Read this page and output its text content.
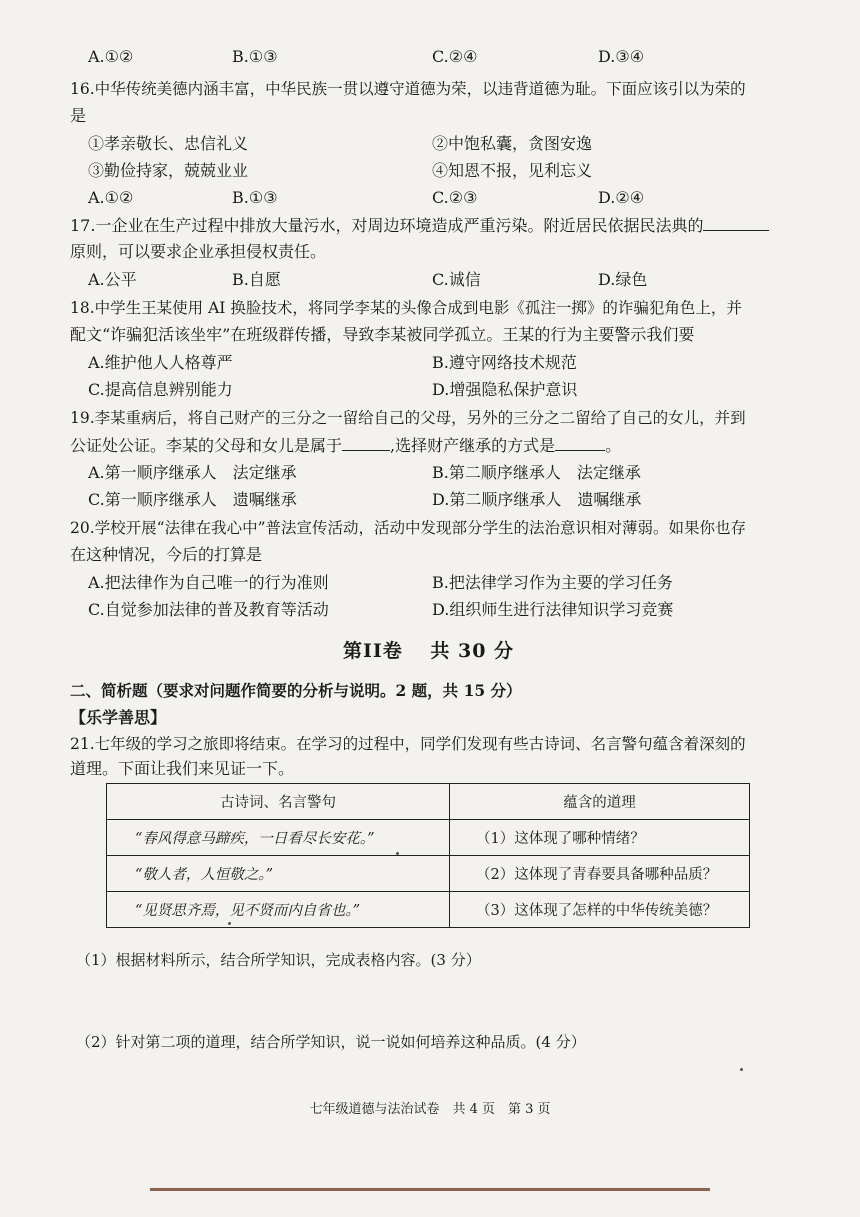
A.①②	B.①③	C.②④	D.③④
16.中华传统美德内涵丰富，中华民族一贯以遵守道德为荣，以违背道德为耻。下面应该引以为荣的
是
①孝亲敬长、忠信礼义	②中饱私囊，贪图安逸
③勤俭持家，兢兢业业	④知恩不报，见利忘义
A.①②	B.①③	C.②③	D.②④
17.一企业在生产过程中排放大量污水，对周边环境造成严重污染。附近居民依据民法典的
原则，可以要求企业承担侵权责任。
A.公平	B.自愿	C.诚信	D.绿色
18.中学生王某使用 AI 换脸技术，将同学李某的头像合成到电影《孤注一掷》的诈骗犯角色上，并
配文“诈骗犯活该坐牢”在班级群传播，导致李某被同学孤立。王某的行为主要警示我们要
A.维护他人人格尊严	B.遵守网络技术规范
C.提高信息辨别能力	D.增强隐私保护意识
19.李某重病后，将自己财产的三分之一留给自己的父母，另外的三分之二留给了自己的女儿，并到
公证处公证。李某的父母和女儿是属于	,选择财产继承的方式是	。
A.第一顺序继承人　法定继承	B.第二顺序继承人　法定继承
C.第一顺序继承人　遗嘱继承	D.第二顺序继承人　遗嘱继承
20.学校开展“法律在我心中”普法宣传活动，活动中发现部分学生的法治意识相对薄弱。如果你也存
在这种情况，今后的打算是
A.把法律作为自己唯一的行为准则	B.把法律学习作为主要的学习任务
C.自觉参加法律的普及教育等活动	D.组织师生进行法律知识学习竞赛
第II卷　 共 30 分
二、简析题（要求对问题作简要的分析与说明。2 题，共 15 分）
【乐学善思】
21.七年级的学习之旅即将结束。在学习的过程中，同学们发现有些古诗词、名言警句蕴含着深刻的
道理。下面让我们来见证一下。
古诗词、名言警句	蕴含的道理
“春风得意马蹄疾，一日看尽长安花。”	（1）这体现了哪种情绪？
“敬人者，人恒敬之。”	（2）这体现了青春要具备哪种品质？
“见贤思齐焉，见不贤而内自省也。”	（3）这体现了怎样的中华传统美德？
（1）根据材料所示，结合所学知识，完成表格内容。(3 分）
（2）针对第二项的道理，结合所学知识，说一说如何培养这种品质。(4 分）
七年级道德与法治试卷　共 4 页　第 3 页
